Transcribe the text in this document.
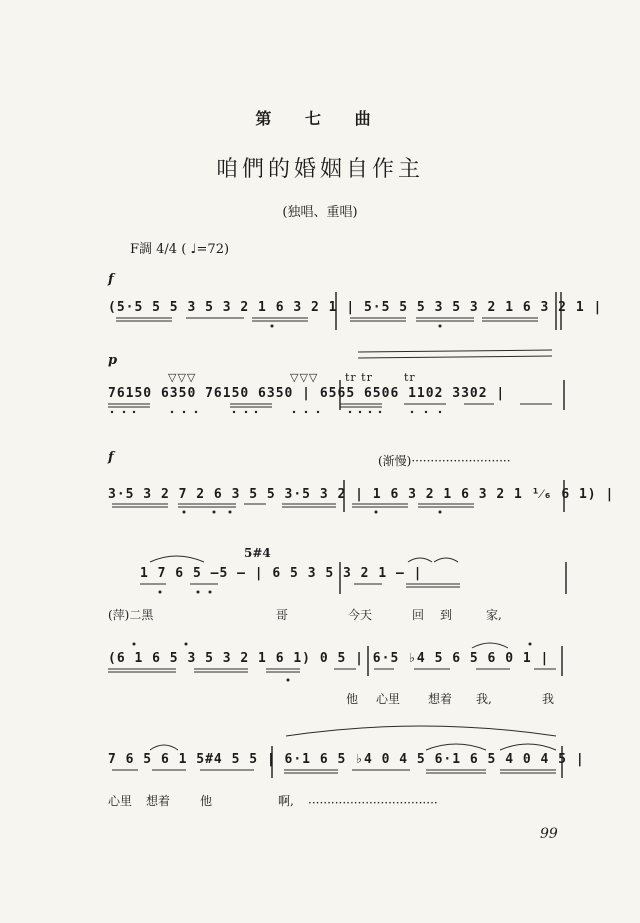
第 七 曲
咱們的婚姻自作主
(独唱、重唱)
F調 4/4 ( ♩=72)
f
(5·5 5 5 3 5 3 2 1 6 3 2 1 | 5·5 5 5 3 5 3 2 1 6 3 2 1 |
p
▽▽▽	▽▽▽ tr tr	tr
76150 6350 76150 6350 | 6565 6506 1102 3302 |
f	(渐慢)··························
3·5 3 2 7 2 6 3 5 5 3·5 3 2 | 1 6 3 2 1 6 3 2 1 ¹⁄₆ 6 1) |
5#4
1 7 6 5 —5 — | 6 5 3 5 3 2 1 — |
(萍)二黑	哥	今天	回 到	家,
(6 1 6 5 3 5 3 2 1 6 1) 0 5 | 6·5 ♭4 5 6 5 6 0 1 |
他 心里 想着 我,	我
7 6 5 6 1 5#4 5 5 | 6·1 6 5 ♭4 0 4 5 6·1 6 5 4 0 4 5 |
心里 想着 他	啊, ··································
99
